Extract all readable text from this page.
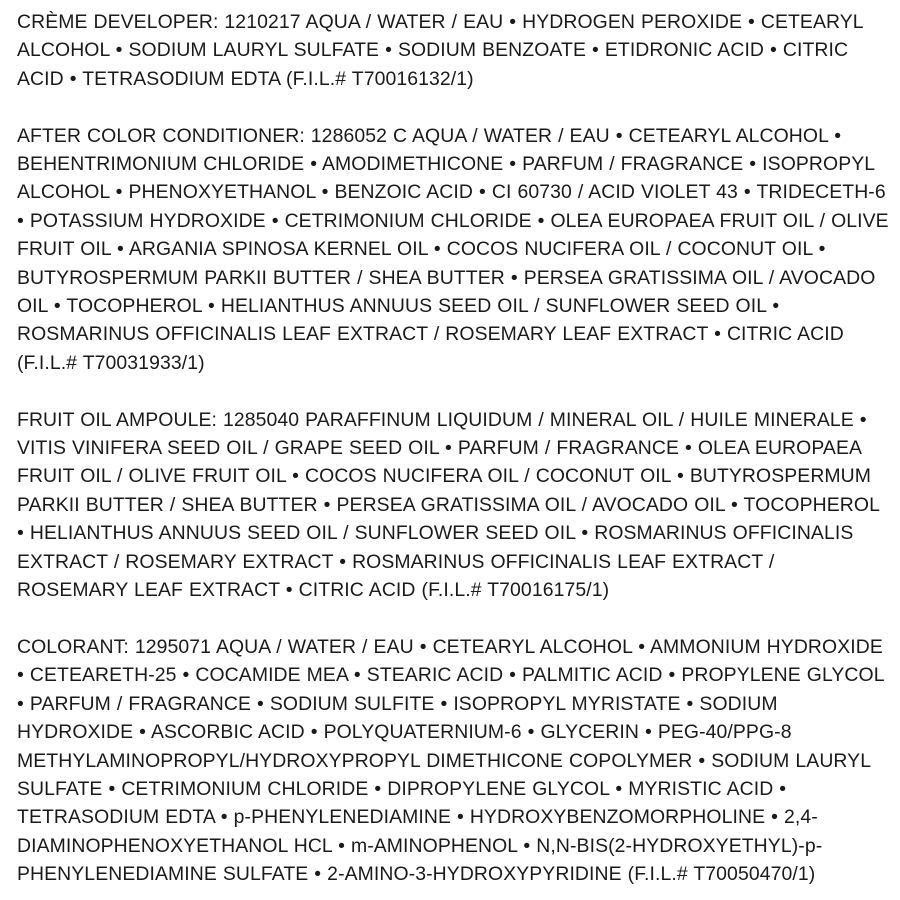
CRÈME DEVELOPER: 1210217 AQUA / WATER / EAU • HYDROGEN PEROXIDE • CETEARYL ALCOHOL • SODIUM LAURYL SULFATE • SODIUM BENZOATE • ETIDRONIC ACID • CITRIC ACID • TETRASODIUM EDTA (F.I.L.# T70016132/1)

AFTER COLOR CONDITIONER: 1286052 C AQUA / WATER / EAU • CETEARYL ALCOHOL • BEHENTRIMONIUM CHLORIDE • AMODIMETHICONE • PARFUM / FRAGRANCE • ISOPROPYL ALCOHOL • PHENOXYETHANOL • BENZOIC ACID • CI 60730 / ACID VIOLET 43 • TRIDECETH-6 • POTASSIUM HYDROXIDE • CETRIMONIUM CHLORIDE • OLEA EUROPAEA FRUIT OIL / OLIVE FRUIT OIL • ARGANIA SPINOSA KERNEL OIL • COCOS NUCIFERA OIL / COCONUT OIL • BUTYROSPERMUM PARKII BUTTER / SHEA BUTTER • PERSEA GRATISSIMA OIL / AVOCADO OIL • TOCOPHEROL • HELIANTHUS ANNUUS SEED OIL / SUNFLOWER SEED OIL • ROSMARINUS OFFICINALIS LEAF EXTRACT / ROSEMARY LEAF EXTRACT • CITRIC ACID (F.I.L.# T70031933/1)

FRUIT OIL AMPOULE: 1285040 PARAFFINUM LIQUIDUM / MINERAL OIL / HUILE MINERALE • VITIS VINIFERA SEED OIL / GRAPE SEED OIL • PARFUM / FRAGRANCE • OLEA EUROPAEA FRUIT OIL / OLIVE FRUIT OIL • COCOS NUCIFERA OIL / COCONUT OIL • BUTYROSPERMUM PARKII BUTTER / SHEA BUTTER • PERSEA GRATISSIMA OIL / AVOCADO OIL • TOCOPHEROL • HELIANTHUS ANNUUS SEED OIL / SUNFLOWER SEED OIL • ROSMARINUS OFFICINALIS EXTRACT / ROSEMARY EXTRACT • ROSMARINUS OFFICINALIS LEAF EXTRACT / ROSEMARY LEAF EXTRACT • CITRIC ACID (F.I.L.# T70016175/1)

COLORANT: 1295071 AQUA / WATER / EAU • CETEARYL ALCOHOL • AMMONIUM HYDROXIDE • CETEARETH-25 • COCAMIDE MEA • STEARIC ACID • PALMITIC ACID • PROPYLENE GLYCOL • PARFUM / FRAGRANCE • SODIUM SULFITE • ISOPROPYL MYRISTATE • SODIUM HYDROXIDE • ASCORBIC ACID • POLYQUATERNIUM-6 • GLYCERIN • PEG-40/PPG-8 METHYLAMINOPROPYL/HYDROXYPROPYL DIMETHICONE COPOLYMER • SODIUM LAURYL SULFATE • CETRIMONIUM CHLORIDE • DIPROPYLENE GLYCOL • MYRISTIC ACID • TETRASODIUM EDTA • p-PHENYLENEDIAMINE • HYDROXYBENZOMORPHOLINE • 2,4-DIAMINOPHENOXYETHANOL HCL • m-AMINOPHENOL • N,N-BIS(2-HYDROXYETHYL)-p-PHENYLENEDIAMINE SULFATE • 2-AMINO-3-HYDROXYPYRIDINE (F.I.L.# T70050470/1)
